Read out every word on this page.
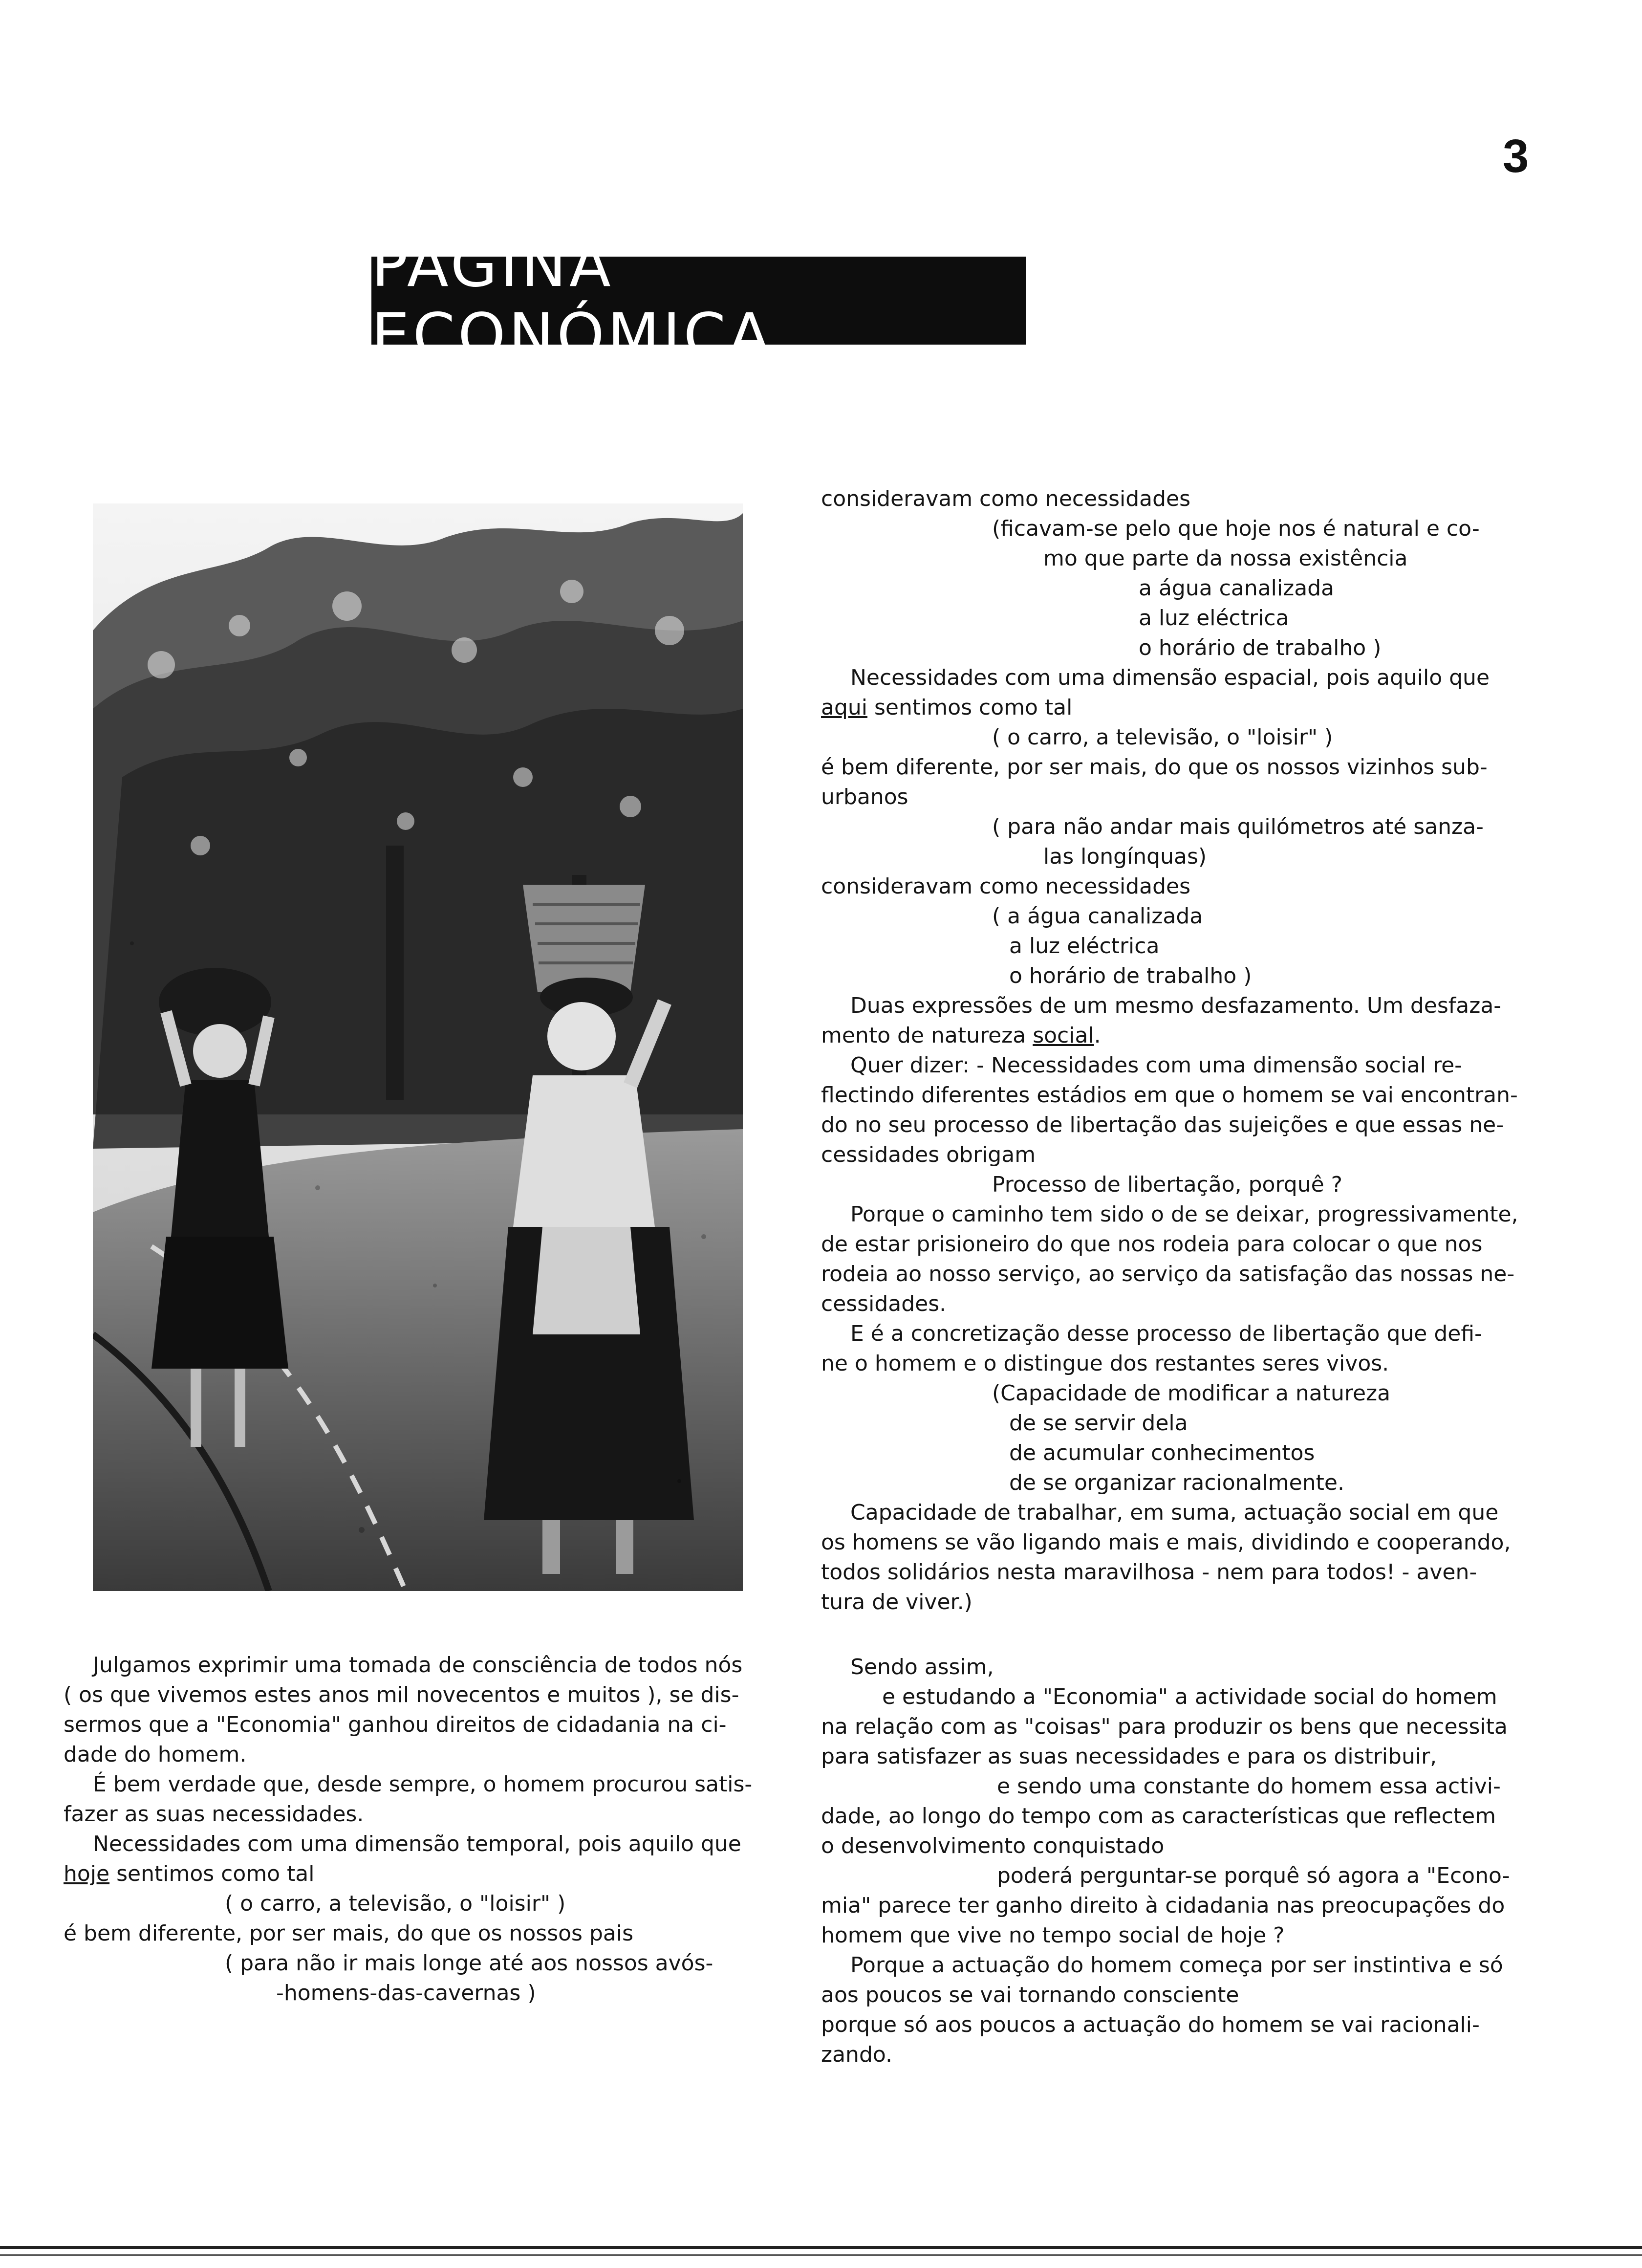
3
PÁGINA ECONÓMICA
consideravam como necessidades
(ficavam-se pelo que hoje nos é natural e co-
mo que parte da nossa existência
a água canalizada
a luz eléctrica
o horário de trabalho )
Necessidades com uma dimensão espacial, pois aquilo que
aqui sentimos como tal
( o carro, a televisão, o "loisir" )
é bem diferente, por ser mais, do que os nossos vizinhos sub-
urbanos
( para não andar mais quilómetros até sanza-
las longínquas)
consideravam como necessidades
( a água canalizada
a luz eléctrica
o horário de trabalho )
Duas expressões de um mesmo desfazamento. Um desfaza-
mento de natureza social.
Quer dizer: - Necessidades com uma dimensão social re-
flectindo diferentes estádios em que o homem se vai encontran-
do no seu processo de libertação das sujeições e que essas ne-
cessidades obrigam
Processo de libertação, porquê ?
Porque o caminho tem sido o de se deixar, progressivamente,
de estar prisioneiro do que nos rodeia para colocar o que nos
rodeia ao nosso serviço, ao serviço da satisfação das nossas ne-
cessidades.
E é a concretização desse processo de libertação que defi-
ne o homem e o distingue dos restantes seres vivos.
(Capacidade de modificar a natureza
de se servir dela
de acumular conhecimentos
de se organizar racionalmente.
Capacidade de trabalhar, em suma, actuação social em que
os homens se vão ligando mais e mais, dividindo e cooperando,
todos solidários nesta maravilhosa - nem para todos! - aven-
tura de viver.)
Julgamos exprimir uma tomada de consciência de todos nós
( os que vivemos estes anos mil novecentos e muitos ), se dis-
sermos que a "Economia" ganhou direitos de cidadania na ci-
dade do homem.
É bem verdade que, desde sempre, o homem procurou satis-
fazer as suas necessidades.
Necessidades com uma dimensão temporal, pois aquilo que
hoje sentimos como tal
( o carro, a televisão, o "loisir" )
é bem diferente, por ser mais, do que os nossos pais
( para não ir mais longe até aos nossos avós-
-homens-das-cavernas )
Sendo assim,
e estudando a "Economia" a actividade social do homem
na relação com as "coisas" para produzir os bens que necessita
para satisfazer as suas necessidades e para os distribuir,
e sendo uma constante do homem essa activi-
dade, ao longo do tempo com as características que reflectem
o desenvolvimento conquistado
poderá perguntar-se porquê só agora a "Econo-
mia" parece ter ganho direito à cidadania nas preocupações do
homem que vive no tempo social de hoje ?
Porque a actuação do homem começa por ser instintiva e só
aos poucos se vai tornando consciente
porque só aos poucos a actuação do homem se vai racionali-
zando.
